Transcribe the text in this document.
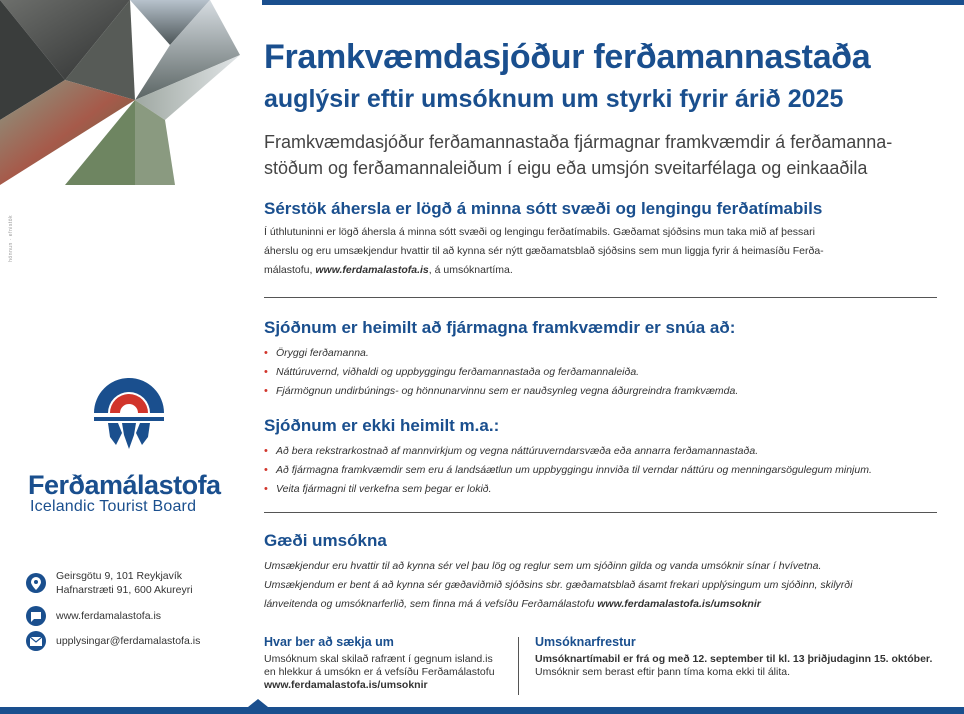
hönnun · efnistök
Ferðamálastofa
Icelandic Tourist Board
Geirsgötu 9, 101 Reykjavík
Hafnarstræti 91, 600 Akureyri
www.ferdamalastofa.is
upplysingar@ferdamalastofa.is
Framkvæmdasjóður ferðamannastaða
auglýsir eftir umsóknum um styrki fyrir árið 2025
Framkvæmdasjóður ferðamannastaða fjármagnar framkvæmdir á ferðamanna-
stöðum og ferðamannaleiðum í eigu eða umsjón sveitarfélaga og einkaaðila
Sérstök áhersla er lögð á minna sótt svæði og lengingu ferðatímabils
Í úthlutuninni er lögð áhersla á minna sótt svæði og lengingu ferðatímabils. Gæðamat sjóðsins mun taka mið af þessari
áherslu og eru umsækjendur hvattir til að kynna sér nýtt gæðamatsblað sjóðsins sem mun liggja fyrir á heimasíðu Ferða-
málastofu, www.ferdamalastofa.is, á umsóknartíma.
Sjóðnum er heimilt að fjármagna framkvæmdir er snúa að:
• Öryggi ferðamanna.
• Náttúruvernd, viðhaldi og uppbyggingu ferðamannastaða og ferðamannaleiða.
• Fjármögnun undirbúnings- og hönnunarvinnu sem er nauðsynleg vegna áðurgreindra framkvæmda.
Sjóðnum er ekki heimilt m.a.:
• Að bera rekstrarkostnað af mannvirkjum og vegna náttúruverndarsvæða eða annarra ferðamannastaða.
• Að fjármagna framkvæmdir sem eru á landsáætlun um uppbyggingu innviða til verndar náttúru og menningarsögulegum minjum.
• Veita fjármagni til verkefna sem þegar er lokið.
Gæði umsókna
Umsækjendur eru hvattir til að kynna sér vel þau lög og reglur sem um sjóðinn gilda og vanda umsóknir sínar í hvívetna.
Umsækjendum er bent á að kynna sér gæðaviðmið sjóðsins sbr. gæðamatsblað ásamt frekari upplýsingum um sjóðinn, skilyrði
lánveitenda og umsóknarferlið, sem finna má á vefsíðu Ferðamálastofu www.ferdamalastofa.is/umsoknir
Hvar ber að sækja um
Umsóknum skal skilað rafrænt í gegnum island.is
en hlekkur á umsókn er á vefsíðu Ferðamálastofu
www.ferdamalastofa.is/umsoknir
Umsóknarfrestur
Umsóknartímabil er frá og með 12. september til kl. 13 þriðjudaginn 15. október.
Umsóknir sem berast eftir þann tíma koma ekki til álita.
